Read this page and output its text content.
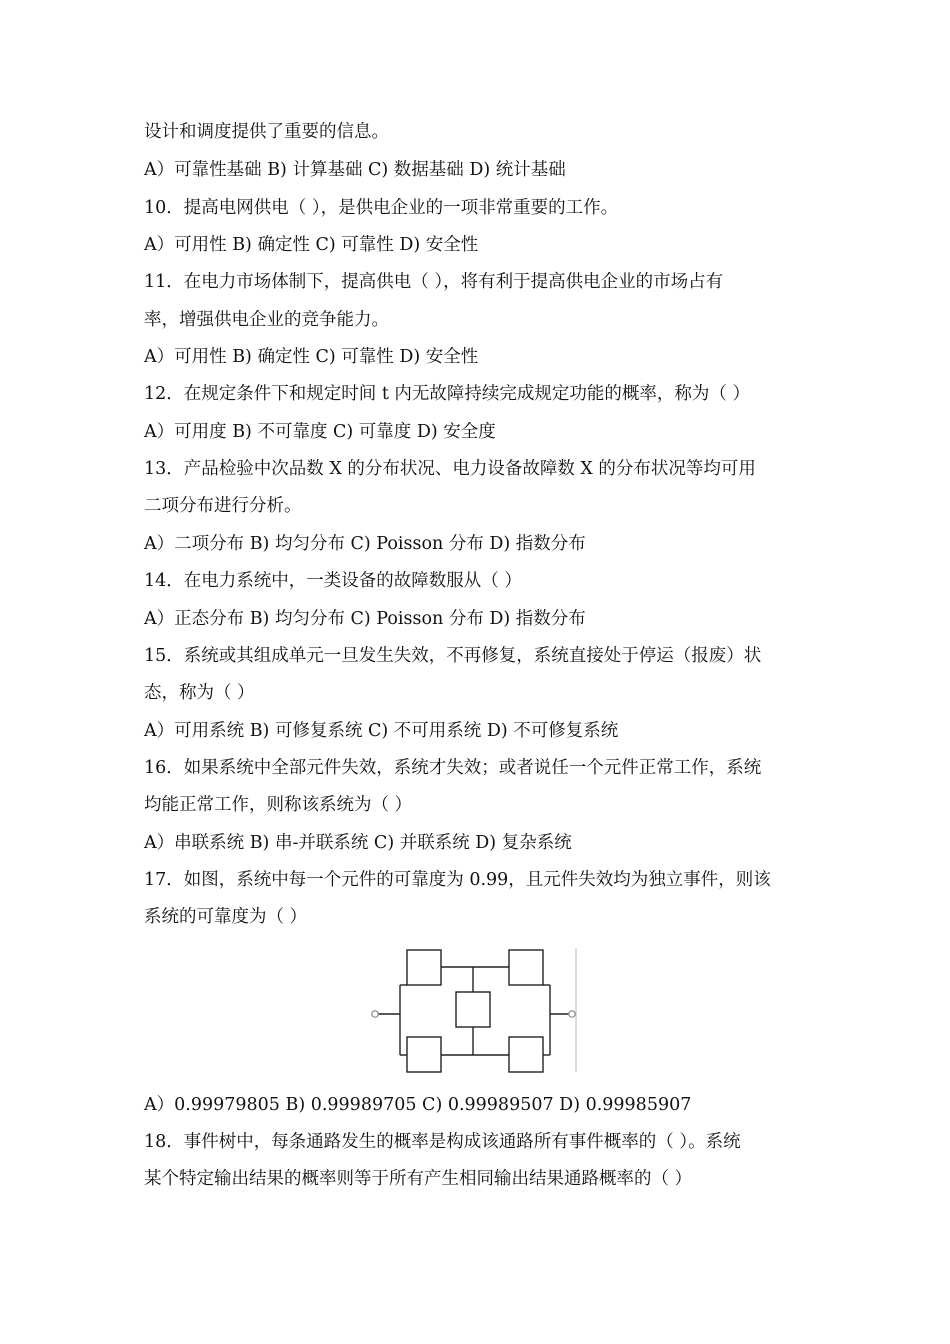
设计和调度提供了重要的信息。
A）可靠性基础 B) 计算基础 C) 数据基础 D) 统计基础
10．提高电网供电（ ），是供电企业的一项非常重要的工作。
A）可用性 B) 确定性 C) 可靠性 D) 安全性
11．在电力市场体制下，提高供电（ ），将有利于提高供电企业的市场占有
率，增强供电企业的竞争能力。
A）可用性 B) 确定性 C) 可靠性 D) 安全性
12．在规定条件下和规定时间 t 内无故障持续完成规定功能的概率，称为（ ）
A）可用度 B) 不可靠度 C) 可靠度 D) 安全度
13．产品检验中次品数 X 的分布状况、电力设备故障数 X 的分布状况等均可用
二项分布进行分析。
A）二项分布 B) 均匀分布 C) Poisson 分布 D) 指数分布
14．在电力系统中，一类设备的故障数服从（ ）
A）正态分布 B) 均匀分布 C) Poisson 分布 D) 指数分布
15．系统或其组成单元一旦发生失效，不再修复，系统直接处于停运（报废）状
态，称为（ ）
A）可用系统 B) 可修复系统 C) 不可用系统 D) 不可修复系统
16．如果系统中全部元件失效，系统才失效；或者说任一个元件正常工作，系统
均能正常工作，则称该系统为（ ）
A）串联系统 B) 串-并联系统 C) 并联系统 D) 复杂系统
17．如图，系统中每一个元件的可靠度为 0.99，且元件失效均为独立事件，则该
系统的可靠度为（ ）
A）0.99979805 B) 0.99989705 C) 0.99989507 D) 0.99985907
18．事件树中，每条通路发生的概率是构成该通路所有事件概率的（ ）。系统
某个特定输出结果的概率则等于所有产生相同输出结果通路概率的（ ）
